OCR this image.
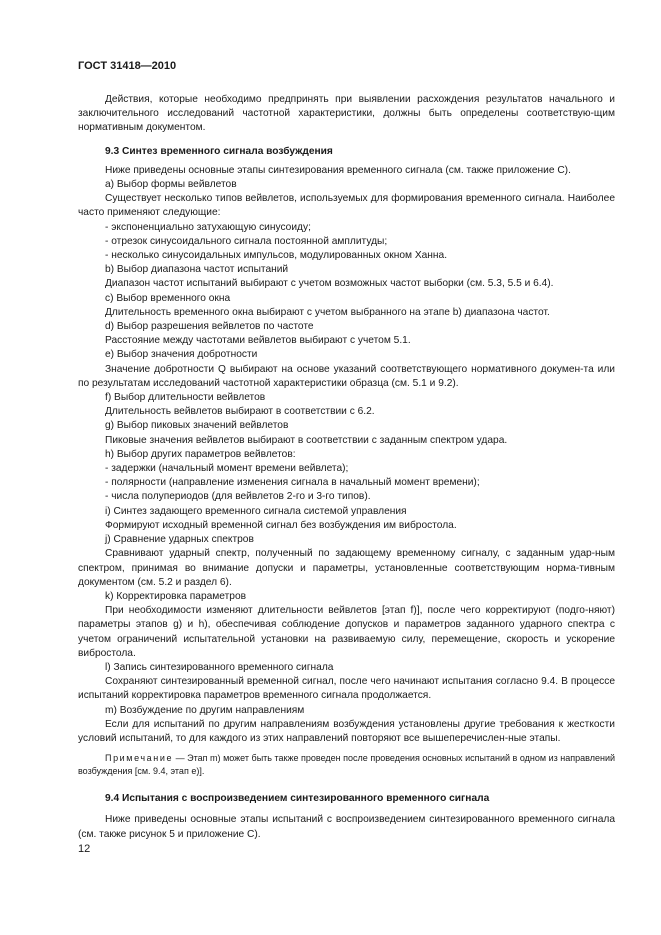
ГОСТ 31418—2010

Действия, которые необходимо предпринять при выявлении расхождения результатов начального и заключительного исследований частотной характеристики, должны быть определены соответствую-щим нормативным документом.

9.3 Синтез временного сигнала возбуждения

Ниже приведены основные этапы синтезирования временного сигнала (см. также приложение С).

a) Выбор формы вейвлетов

Существует несколько типов вейвлетов, используемых для формирования временного сигнала. Наиболее часто применяют следующие:

- экспоненциально затухающую синусоиду;

- отрезок синусоидального сигнала постоянной амплитуды;

- несколько синусоидальных импульсов, модулированных окном Ханна.

b) Выбор диапазона частот испытаний

Диапазон частот испытаний выбирают с учетом возможных частот выборки (см. 5.3, 5.5 и 6.4).

c) Выбор временного окна

Длительность временного окна выбирают с учетом выбранного на этапе b) диапазона частот.

d) Выбор разрешения вейвлетов по частоте

Расстояние между частотами вейвлетов выбирают с учетом 5.1.

e) Выбор значения добротности

Значение добротности Q выбирают на основе указаний соответствующего нормативного докумен-та или по результатам исследований частотной характеристики образца (см. 5.1 и 9.2).

f) Выбор длительности вейвлетов

Длительность вейвлетов выбирают в соответствии с 6.2.

g) Выбор пиковых значений вейвлетов

Пиковые значения вейвлетов выбирают в соответствии с заданным спектром удара.

h) Выбор других параметров вейвлетов:

- задержки (начальный момент времени вейвлета);

- полярности (направление изменения сигнала в начальный момент времени);

- числа полупериодов (для вейвлетов 2-го и 3-го типов).

i) Синтез задающего временного сигнала системой управления

Формируют исходный временной сигнал без возбуждения им вибростола.

j) Сравнение ударных спектров

Сравнивают ударный спектр, полученный по задающему временному сигналу, с заданным удар-ным спектром, принимая во внимание допуски и параметры, установленные соответствующим норма-тивным документом (см. 5.2 и раздел 6).

k) Корректировка параметров

При необходимости изменяют длительности вейвлетов [этап f)], после чего корректируют (подго-няют) параметры этапов g) и h), обеспечивая соблюдение допусков и параметров заданного ударного спектра с учетом ограничений испытательной установки на развиваемую силу, перемещение, скорость и ускорение вибростола.

l) Запись синтезированного временного сигнала

Сохраняют синтезированный временной сигнал, после чего начинают испытания согласно 9.4. В процессе испытаний корректировка параметров временного сигнала продолжается.

m) Возбуждение по другим направлениям

Если для испытаний по другим направлениям возбуждения установлены другие требования к жесткости условий испытаний, то для каждого из этих направлений повторяют все вышеперечислен-ные этапы.

Примечание — Этап m) может быть также проведен после проведения основных испытаний в одном из направлений возбуждения [см. 9.4, этап e)].

9.4 Испытания с воспроизведением синтезированного временного сигнала

Ниже приведены основные этапы испытаний с воспроизведением синтезированного временного сигнала (см. также рисунок 5 и приложение С).

12
